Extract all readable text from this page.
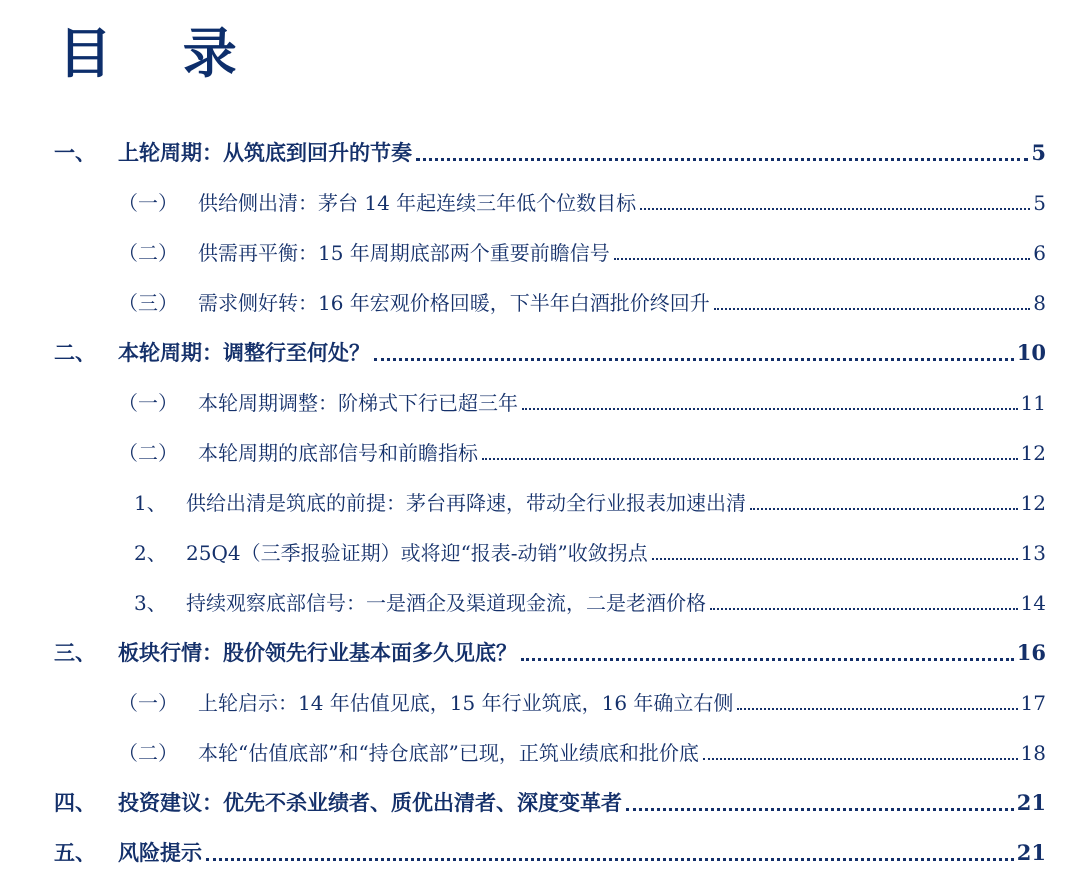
目 录
一、	上轮周期：从筑底到回升的节奏	5
（一）	供给侧出清：茅台 14 年起连续三年低个位数目标	5
（二）	供需再平衡：15 年周期底部两个重要前瞻信号	6
（三）	需求侧好转：16 年宏观价格回暖，下半年白酒批价终回升	8
二、	本轮周期：调整行至何处？	10
（一）	本轮周期调整：阶梯式下行已超三年	11
（二）	本轮周期的底部信号和前瞻指标	12
1、 供给出清是筑底的前提：茅台再降速，带动全行业报表加速出清	12
2、 25Q4（三季报验证期）或将迎“报表-动销”收敛拐点	13
3、 持续观察底部信号：一是酒企及渠道现金流，二是老酒价格	14
三、	板块行情：股价领先行业基本面多久见底？	16
（一）	上轮启示：14 年估值见底，15 年行业筑底，16 年确立右侧	17
（二）	本轮“估值底部”和“持仓底部”已现，正筑业绩底和批价底	18
四、	投资建议：优先不杀业绩者、质优出清者、深度变革者	21
五、	风险提示	21
